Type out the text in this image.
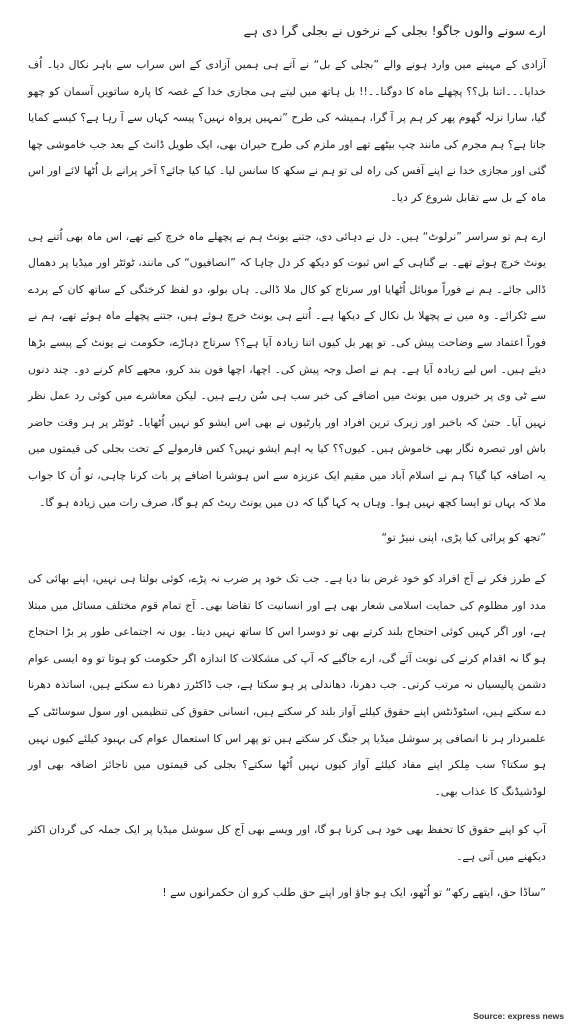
ارے سونے والوں جاگو! بجلی کے نرخوں نے بجلی گرا دی ہے

آزادی کے مہینے میں وارد ہونے والے ”بجلی کے بل“ نے آتے ہی ہمیں آزادی کے اس سراب سے باہر نکال دیا۔ اُف خدایا۔۔۔اتنا بل؟؟ پچھلے ماہ کا دوگنا۔۔!! بل ہاتھ میں لیتے ہی مجازی خدا کے غصہ کا پارہ ساتویں آسمان کو چھو گیا، سارا نزلہ گھوم پھر کر ہم پر آ گرا، ہمیشہ کی طرح ”تمہیں پرواہ نہیں؟ پیسہ کہاں سے آ رہا ہے؟ کیسے کمایا جاتا ہے؟ ہم مجرم کی مانند چپ بیٹھے تھے اور ملزم کی طرح حیران بھی، ایک طویل ڈانٹ کے بعد جب خاموشی چھا گئی اور مجازی خدا نے اپنے آفس کی راہ لی تو ہم نے سکھ کا سانس لیا۔ کیا کیا جائے؟ آخر پرانے بل اُٹھا لائے اور اس ماہ کے بل سے تقابل شروع کر دیا۔

ارے ہم تو سراسر ”نرلوٹ“ ہیں۔ دل نے دہائی دی، جتنے یونٹ ہم نے پچھلے ماہ خرچ کیے تھے، اس ماہ بھی اُتنے ہی یونٹ خرچ ہوئے تھے۔ بے گناہی کے اس ثبوت کو دیکھ کر دل چاہا کہ ”انصافیوں“ کی مانند، ٹوئٹر اور میڈیا پر دھمال ڈالی جائے۔ ہم نے فوراً موبائل اُٹھایا اور سرتاج کو کال ملا ڈالی۔ ہاں بولو، دو لفظ کرختگی کے ساتھ کان کے پردے سے ٹکرائے۔ وہ میں نے پچھلا بل نکال کے دیکھا ہے۔ اُتنے ہی یونٹ خرچ ہوئے ہیں، جتنے پچھلے ماہ ہوئے تھے، ہم نے فوراً اعتماد سے وضاحت پیش کی۔ تو پھر بل کیوں اتنا زیادہ آیا ہے؟؟ سرتاج دہاڑے، حکومت نے یونٹ کے پیسے بڑھا دیئے ہیں۔ اس لیے زیادہ آیا ہے۔ ہم نے اصل وجہ پیش کی۔ اچھا، اچھا فون بند کرو، مجھے کام کرنے دو۔ چند دنوں سے ٹی وی پر خبروں میں یونٹ میں اضافے کی خبر سب ہی سُن رہے ہیں۔ لیکن معاشرے میں کوئی رد عمل نظر نہیں آیا۔ حتیٰ کہ باخبر اور زیرک ترین افراد اور پارٹیوں نے بھی اس ایشو کو نہیں اُٹھایا۔ ٹوئٹر پر ہر وقت حاضر باش اور تبصرہ نگار بھی خاموش ہیں۔ کیوں؟؟ کیا یہ اہم ایشو نہیں؟ کس فارمولے کے تحت بجلی کی قیمتوں میں یہ اضافہ کیا گیا؟ ہم نے اسلام آباد میں مقیم ایک عزیزہ سے اس ہوشربا اضافے پر بات کرنا چاہی، تو اُن کا جواب ملا کہ یہاں تو ایسا کچھ نہیں ہوا۔ وہاں یہ کہا گیا کہ دن میں یونٹ ریٹ کم ہو گا، صرف رات میں زیادہ ہو گا۔

”تجھ کو پرائی کیا پڑی، اپنی نبیڑ تو“

کے طرز فکر نے آج افراد کو خود غرض بنا دیا ہے۔ جب تک خود پر ضرب نہ پڑے، کوئی بولتا ہی نہیں، اپنے بھائی کی مدد اور مظلوم کی حمایت اسلامی شعار بھی ہے اور انسانیت کا تقاضا بھی۔ آج تمام قوم مختلف مسائل میں مبتلا ہے، اور اگر کہیں کوئی احتجاج بلند کرتے بھی تو دوسرا اس کا ساتھ نہیں دیتا۔ یوں نہ اجتماعی طور پر بڑا احتجاج ہو گا نہ اقدام کرنے کی نوبت آئے گی، ارے جاگیے کہ آپ کی مشکلات کا اندازہ اگر حکومت کو ہوتا تو وہ ایسی عوام دشمن پالیسیاں نہ مرتب کرتی۔ جب دھرنا، دھاندلی پر ہو سکتا ہے، جب ڈاکٹرز دھرنا دے سکتے ہیں، اساتذہ دھرنا دے سکتے ہیں، اسٹوڈنٹس اپنے حقوق کیلئے آواز بلند کر سکتے ہیں، انسانی حقوق کی تنظیمیں اور سول سوسائٹی کے علمبردار ہر نا انصافی پر سوشل میڈیا پر جنگ کر سکتے ہیں تو پھر اس کا استعمال عوام کی بہبود کیلئے کیوں نہیں ہو سکتا؟ سب مِلکر اپنے مفاد کیلئے آواز کیوں نہیں اُٹھا سکتے؟ بجلی کی قیمتوں میں ناجائز اضافہ بھی اور لوڈشیڈنگ کا عذاب بھی۔

آپ کو اپنے حقوق کا تحفظ بھی خود ہی کرنا ہو گا، اور ویسے بھی آج کل سوشل میڈیا پر ایک جملہ کی گردان اکثر دیکھنے میں آتی ہے۔

”ساڈا حق، ایتھے رکھ“ تو اُٹھو، ایک ہو جاؤ اور اپنے حق طلب کرو ان حکمرانوں سے !
Source: express news
